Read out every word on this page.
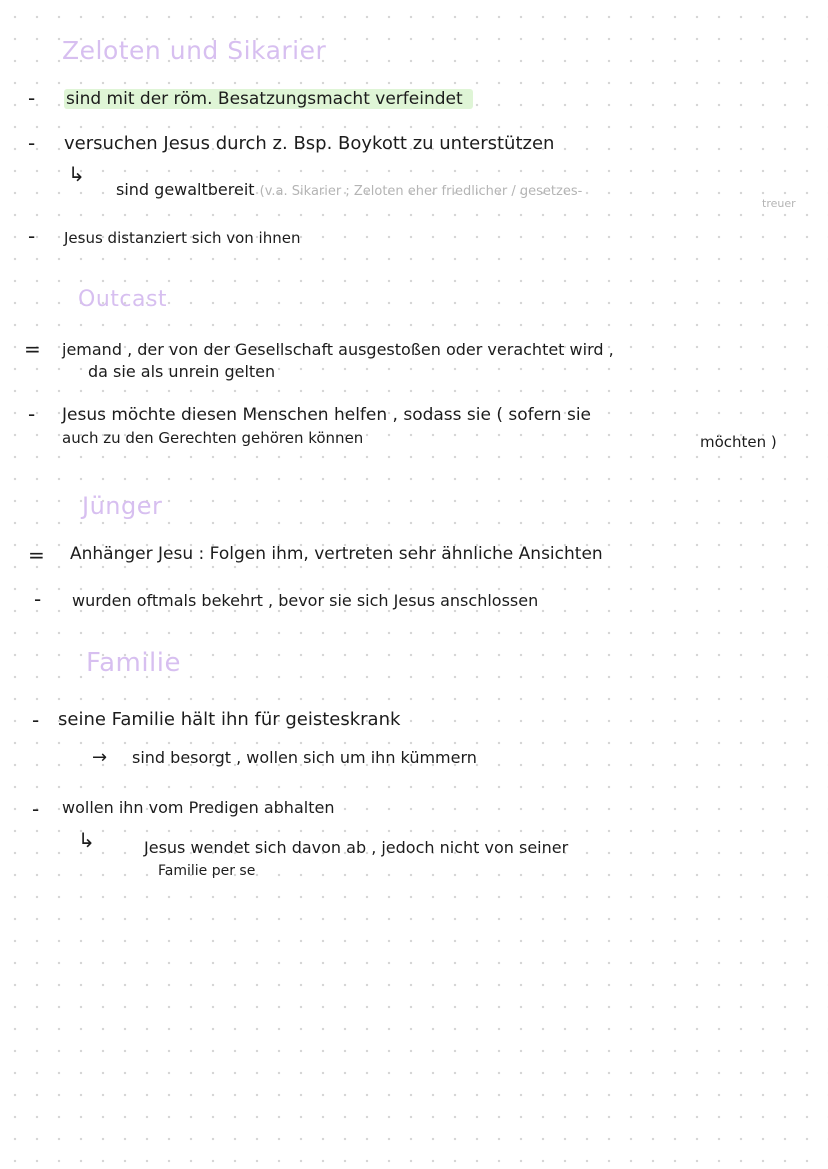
Zeloten und Sikarier
- sind mit der röm. Besatzungsmacht verfeindet
- versuchen Jesus durch z. Bsp. Boykott zu unterstützen
↳
sind gewaltbereit (v.a. Sikarier ; Zeloten eher friedlicher / gesetzes-
treuer
- Jesus distanziert sich von ihnen
Outcast
= jemand , der von der Gesellschaft ausgestoßen oder verachtet wird ,
da sie als unrein gelten
- Jesus möchte diesen Menschen helfen , sodass sie ( sofern sie
auch zu den Gerechten gehören können	möchten )
Jünger
= Anhänger Jesu : Folgen ihm, vertreten sehr ähnliche Ansichten
- wurden oftmals bekehrt , bevor sie sich Jesus anschlossen
Familie
- seine Familie hält ihn für geisteskrank
→ sind besorgt , wollen sich um ihn kümmern
- wollen ihn vom Predigen abhalten
↳	Jesus wendet sich davon ab , jedoch nicht von seiner
Familie per se
